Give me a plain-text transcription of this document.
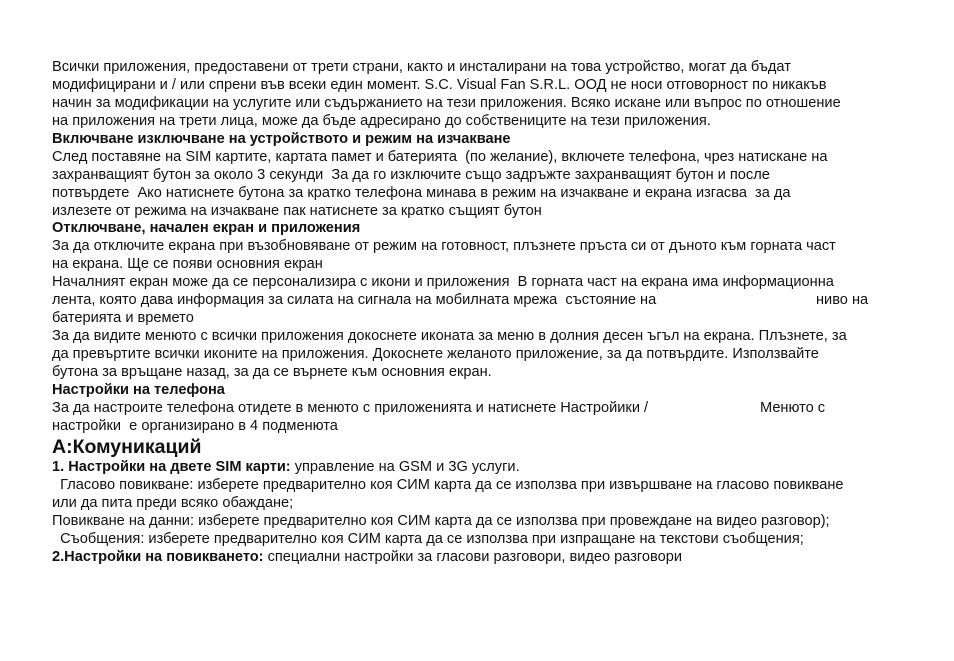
Всички приложения, предоставени от трети страни, както и инсталирани на това устройство, могат да бъдат
модифицирани и / или спрени във всеки един момент. S.C. Visual Fan S.R.L. ООД не носи отговорност по никакъв
начин за модификации на услугите или съдържанието на тези приложения. Всяко искане или въпрос по отношение
на приложения на трети лица, може да бъде адресирано до собствениците на тези приложения.
Включване изключване на устройството и режим на изчакване
След поставяне на SIM картите, картата памет и батерията  (по желание), включете телефона, чрез натискане на
захранващият бутон за около 3 секунди  За да го изключите също задръжте захранващият бутон и после
потвърдете  Ако натиснете бутона за кратко телефона минава в режим на изчакване и екрана изгасва  за да
излезете от режима на изчакване пак натиснете за кратко същият бутон
Отключване, начален екран и приложения
За да отключите екрана при възобновяване от режим на готовност, плъзнете пръста си от дъното към горната част
на екрана. Ще се появи основния екран
Началният екран може да се персонализира с икони и приложения  В горната част на екрана има информационна
лента, която дава информация за силата на сигнала на мобилната мрежа  състояние на	ниво на
батерията и времето
За да видите менюто с всички приложения докоснете иконата за меню в долния десен ъгъл на екрана. Плъзнете, за
да превъртите всички иконите на приложения. Докоснете желаното приложение, за да потвърдите. Използвайте
бутона за връщане назад, за да се върнете към основния екран.
Настройки на телефона
За да настроите телефона отидете в менюто с приложенията и натиснете Настройики /	Менюто с
настройки  е организирано в 4 подменюта
А:Комуникаций
1. Настройки на двете SIM карти: управление на GSM и 3G услуги.
Гласово повикване: изберете предварително коя СИМ карта да се използва при извършване на гласово повикване
или да пита преди всяко обаждане;
Повикване на данни: изберете предварително коя СИМ карта да се използва при провеждане на видео разговор);
Съобщения: изберете предварително коя СИМ карта да се използва при изпращане на текстови съобщения;
2.Настройки на повикването: специални настройки за гласови разговори, видео разговори
